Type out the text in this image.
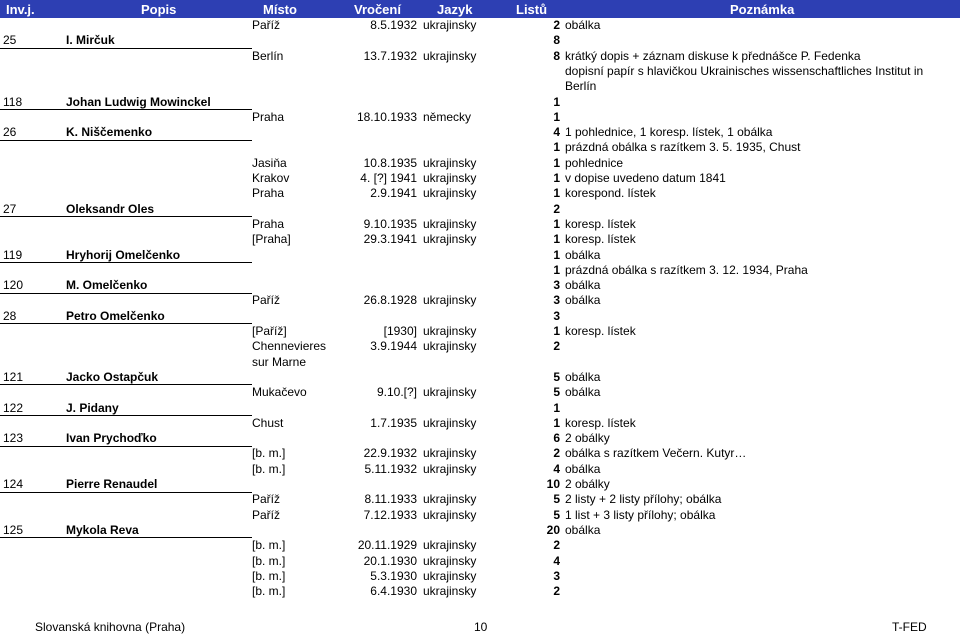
Inv.j.	Popis	Místo	Vročení	Jazyk	Listů	Poznámka
Paříž	8.5.1932 ukrajinsky	2 obálka
25	I. Mirčuk	8
Berlín	13.7.1932 ukrajinsky	8 krátký dopis + záznam diskuse k přednášce P. Fedenka
dopisní papír s hlavičkou Ukrainisches wissenschaftliches Institut in
Berlín
118	Johan Ludwig Mowinckel	1
Praha	18.10.1933 německy	1
26	K. Niščemenko	4 1 pohlednice, 1 koresp. lístek, 1 obálka
1 prázdná obálka s razítkem 3. 5. 1935, Chust
Jasiňa	10.8.1935 ukrajinsky	1 pohlednice
Krakov	4. [?] 1941 ukrajinsky	1 v dopise uvedeno datum 1841
Praha	2.9.1941 ukrajinsky	1 korespond. lístek
27	Oleksandr Oles	2
Praha	9.10.1935 ukrajinsky	1 koresp. lístek
[Praha]	29.3.1941 ukrajinsky	1 koresp. lístek
119	Hryhorij Omelčenko	1 obálka
1 prázdná obálka s razítkem 3. 12. 1934, Praha
120	M. Omelčenko	3 obálka
Paříž	26.8.1928 ukrajinsky	3 obálka
28	Petro Omelčenko	3
[Paříž]	[1930] ukrajinsky	1 koresp. lístek
Chennevieres	3.9.1944 ukrajinsky	2
sur Marne
121	Jacko Ostapčuk	5 obálka
Mukačevo	9.10.[?] ukrajinsky	5 obálka
122	J. Pidany	1
Chust	1.7.1935 ukrajinsky	1 koresp. lístek
123	Ivan Prychoďko	6 2 obálky
[b. m.]	22.9.1932 ukrajinsky	2 obálka s razítkem Večern. Kutyr…
[b. m.]	5.11.1932 ukrajinsky	4 obálka
124	Pierre Renaudel	10 2 obálky
Paříž	8.11.1933 ukrajinsky	5 2 listy + 2 listy přílohy; obálka
Paříž	7.12.1933 ukrajinsky	5 1 list + 3 listy přílohy; obálka
125	Mykola Reva	20 obálka
[b. m.]	20.11.1929 ukrajinsky	2
[b. m.]	20.1.1930 ukrajinsky	4
[b. m.]	5.3.1930 ukrajinsky	3
[b. m.]	6.4.1930 ukrajinsky	2
Slovanská knihovna (Praha)	10	T-FED
